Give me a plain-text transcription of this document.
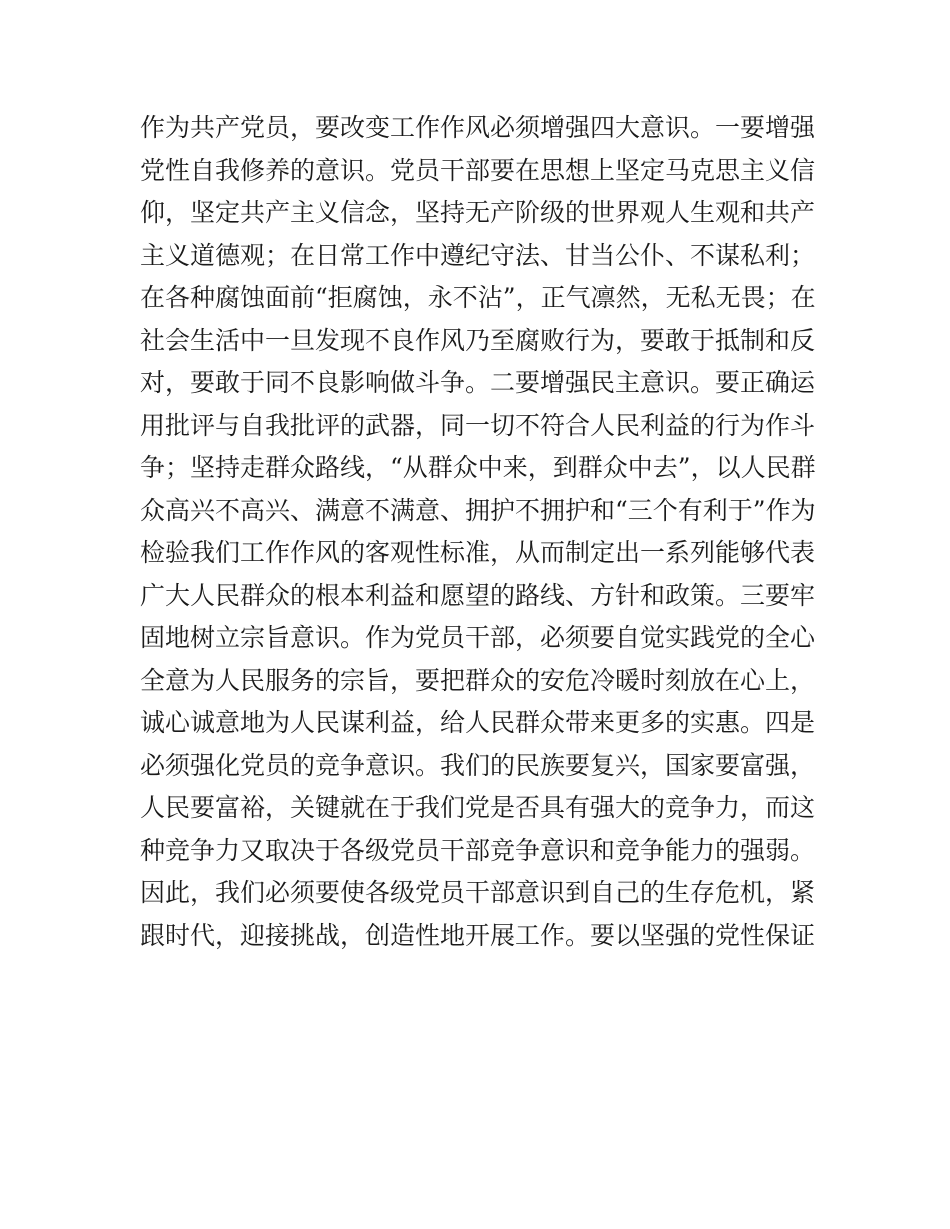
作为共产党员，要改变工作作风必须增强四大意识。一要增强
党性自我修养的意识。党员干部要在思想上坚定马克思主义信
仰，坚定共产主义信念，坚持无产阶级的世界观人生观和共产
主义道德观；在日常工作中遵纪守法、甘当公仆、不谋私利；
在各种腐蚀面前“拒腐蚀，永不沾”，正气凛然，无私无畏；在
社会生活中一旦发现不良作风乃至腐败行为，要敢于抵制和反
对，要敢于同不良影响做斗争。二要增强民主意识。要正确运
用批评与自我批评的武器，同一切不符合人民利益的行为作斗
争；坚持走群众路线，“从群众中来，到群众中去”，以人民群
众高兴不高兴、满意不满意、拥护不拥护和“三个有利于”作为
检验我们工作作风的客观性标准，从而制定出一系列能够代表
广大人民群众的根本利益和愿望的路线、方针和政策。三要牢
固地树立宗旨意识。作为党员干部，必须要自觉实践党的全心
全意为人民服务的宗旨，要把群众的安危冷暖时刻放在心上，
诚心诚意地为人民谋利益，给人民群众带来更多的实惠。四是
必须强化党员的竞争意识。我们的民族要复兴，国家要富强，
人民要富裕，关键就在于我们党是否具有强大的竞争力，而这
种竞争力又取决于各级党员干部竞争意识和竞争能力的强弱。
因此，我们必须要使各级党员干部意识到自己的生存危机，紧
跟时代，迎接挑战，创造性地开展工作。要以坚强的党性保证
